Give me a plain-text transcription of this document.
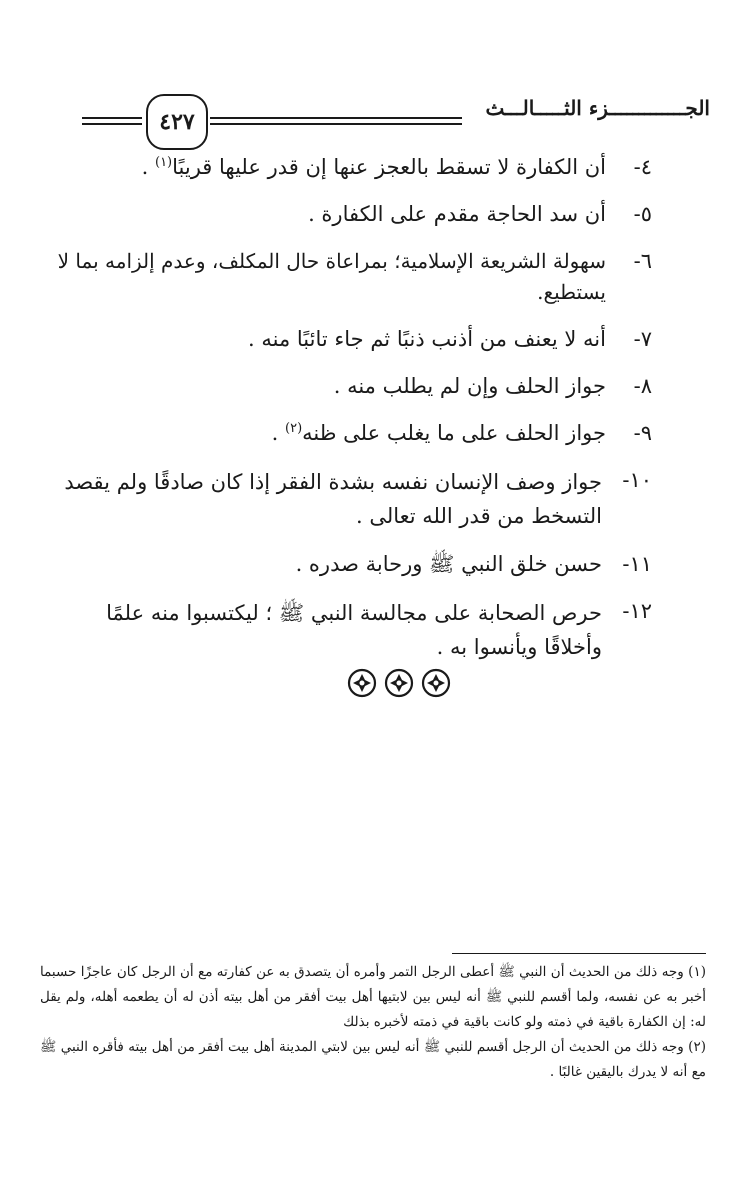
٤٢٧
الجـــــــــــــزء الثـــــالـــث
٤-
أن الكفارة لا تسقط بالعجز عنها إن قدر عليها قريبًا$^{(١)}$ .
٥-
أن سد الحاجة مقدم على الكفارة .
٦-
سهولة الشريعة الإسلامية؛ بمراعاة حال المكلف، وعدم إلزامه بما لا يستطيع.
٧-
أنه لا يعنف من أذنب ذنبًا ثم جاء تائبًا منه .
٨-
جواز الحلف وإن لم يطلب منه .
٩-
جواز الحلف على ما يغلب على ظنه$^{(٢)}$ .
١٠-
جواز وصف الإنسان نفسه بشدة الفقر إذا كان صادقًا ولم يقصد التسخط من قدر الله تعالى .
١١-
حسن خلق النبي ﷺ ورحابة صدره .
١٢-
حرص الصحابة على مجالسة النبي ﷺ ؛ ليكتسبوا منه علمًا وأخلاقًا ويأنسوا به .

(١) وجه ذلك من الحديث أن النبي ﷺ أعطى الرجل التمر وأمره أن يتصدق به عن كفارته مع أن الرجل كان عاجزًا حسبما أخبر به عن نفسه، ولما أقسم للنبي ﷺ أنه ليس بين لابتيها أهل بيت أفقر من أهل بيته أذن له أن يطعمه أهله، ولم يقل له: إن الكفارة باقية في ذمته ولو كانت باقية في ذمته لأخبره بذلك

(٢) وجه ذلك من الحديث أن الرجل أقسم للنبي ﷺ أنه ليس بين لابتي المدينة أهل بيت أفقر من أهل بيته فأقره النبي ﷺ مع أنه لا يدرك باليقين غالبًا .
